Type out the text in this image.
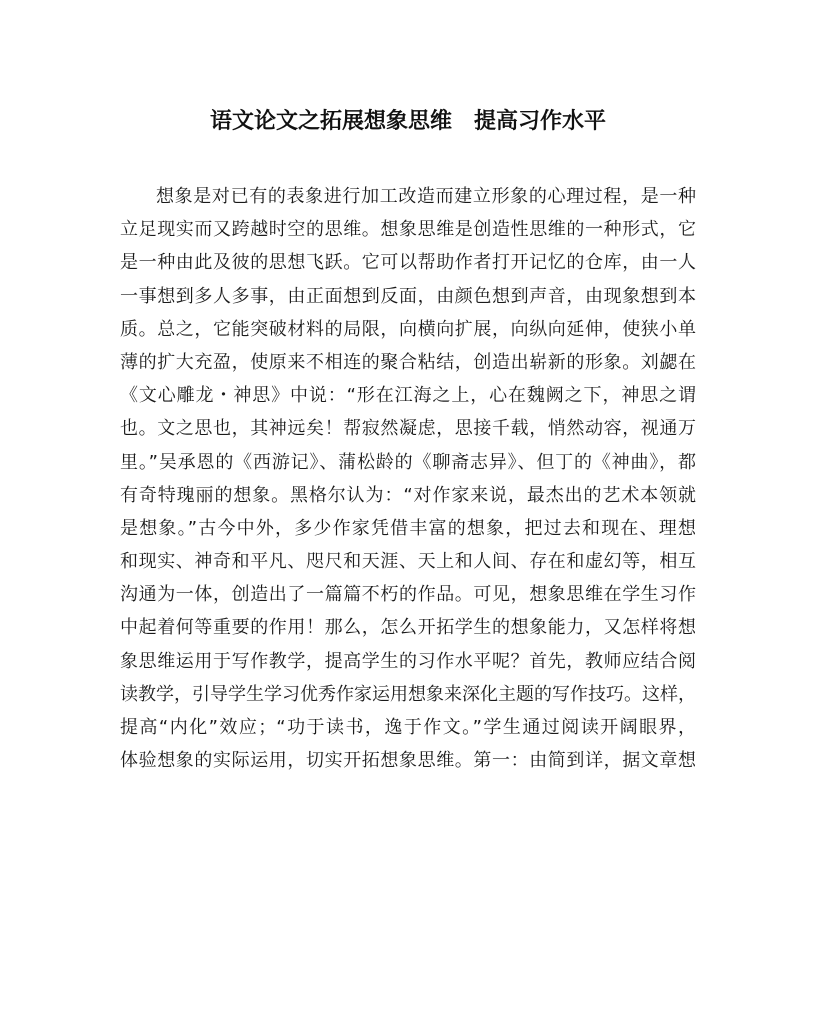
语文论文之拓展想象思维　提高习作水平
想象是对已有的表象进行加工改造而建立形象的心理过程，是一种
立足现实而又跨越时空的思维。想象思维是创造性思维的一种形式，它
是一种由此及彼的思想飞跃。它可以帮助作者打开记忆的仓库，由一人
一事想到多人多事，由正面想到反面，由颜色想到声音，由现象想到本
质。总之，它能突破材料的局限，向横向扩展，向纵向延伸，使狭小单
薄的扩大充盈，使原来不相连的聚合粘结，创造出崭新的形象。刘勰在
《文心雕龙・神思》中说：“形在江海之上，心在魏阙之下，神思之谓
也。文之思也，其神远矣！帮寂然凝虑，思接千载，悄然动容，视通万
里。”吴承恩的《西游记》、蒲松龄的《聊斋志异》、但丁的《神曲》，都
有奇特瑰丽的想象。黑格尔认为：“对作家来说，最杰出的艺术本领就
是想象。”古今中外，多少作家凭借丰富的想象，把过去和现在、理想
和现实、神奇和平凡、咫尺和天涯、天上和人间、存在和虚幻等，相互
沟通为一体，创造出了一篇篇不朽的作品。可见，想象思维在学生习作
中起着何等重要的作用！那么，怎么开拓学生的想象能力，又怎样将想
象思维运用于写作教学，提高学生的习作水平呢？首先，教师应结合阅
读教学，引导学生学习优秀作家运用想象来深化主题的写作技巧。这样，
提高“内化”效应；“功于读书，逸于作文。”学生通过阅读开阔眼界，
体验想象的实际运用，切实开拓想象思维。第一：由简到详，据文章想
